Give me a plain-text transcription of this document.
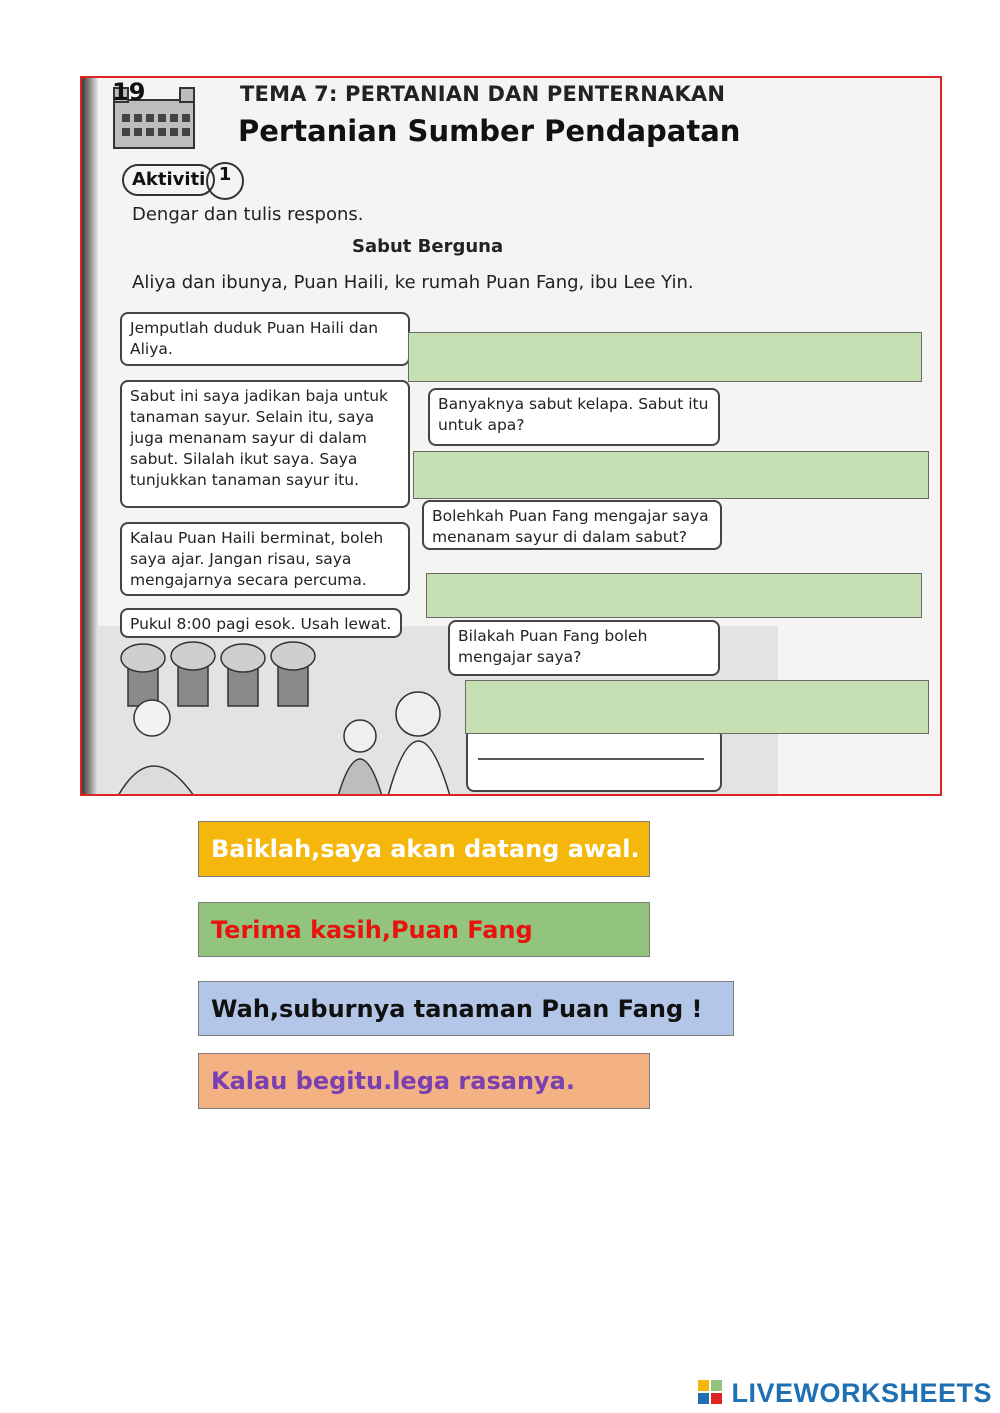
19	TEMA 7: PERTANIAN DAN PENTERNAKAN
Pertanian Sumber Pendapatan
Aktiviti 1
Dengar dan tulis respons.
Sabut Berguna
Aliya dan ibunya, Puan Haili, ke rumah Puan Fang, ibu Lee Yin.
Jemputlah duduk Puan Haili dan Aliya.
Sabut ini saya jadikan baja untuk tanaman sayur. Selain itu, saya juga menanam sayur di dalam sabut. Silalah ikut saya. Saya tunjukkan tanaman sayur itu.
Kalau Puan Haili berminat, boleh saya ajar. Jangan risau, saya mengajarnya secara percuma.
Pukul 8:00 pagi esok. Usah lewat.
Banyaknya sabut kelapa. Sabut itu untuk apa?
Bolehkah Puan Fang mengajar saya menanam sayur di dalam sabut?
Bilakah Puan Fang boleh mengajar saya?
Baiklah,saya akan datang awal.
Terima kasih,Puan Fang
Wah,suburnya tanaman Puan Fang !
Kalau begitu.lega rasanya.
LIVEWORKSHEETS
